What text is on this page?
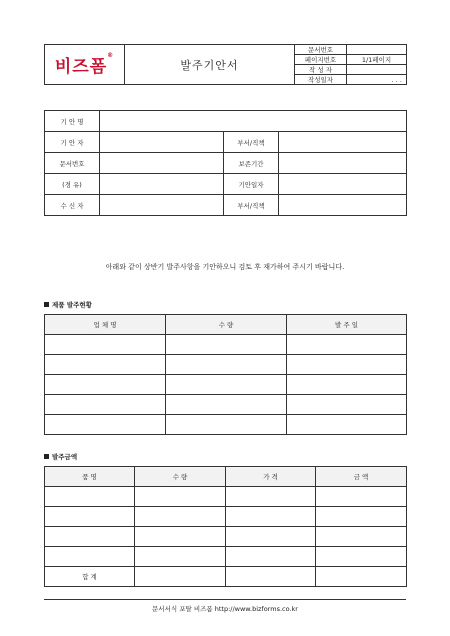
비즈폼®	발주기안서	문서번호	
		페이지번호	1/1페이지
		작 성 자	
		작성일자	. . .
기 안 명			
기 안 자		부서/직책	
문서번호		보존기간	
(경 유)		기안일자	
수 신 자		부서/직책	
아래와 같이 상반기 발주사항을 기안하오니 검토 후 재가하여 주시기 바랍니다.
제품 발주현황
업 체 명	수 량	발 주 일

발주금액
품 명	수 량	가 격	금 액

합 계			
문서서식 포탈 비즈폼 http://www.bizforms.co.kr
